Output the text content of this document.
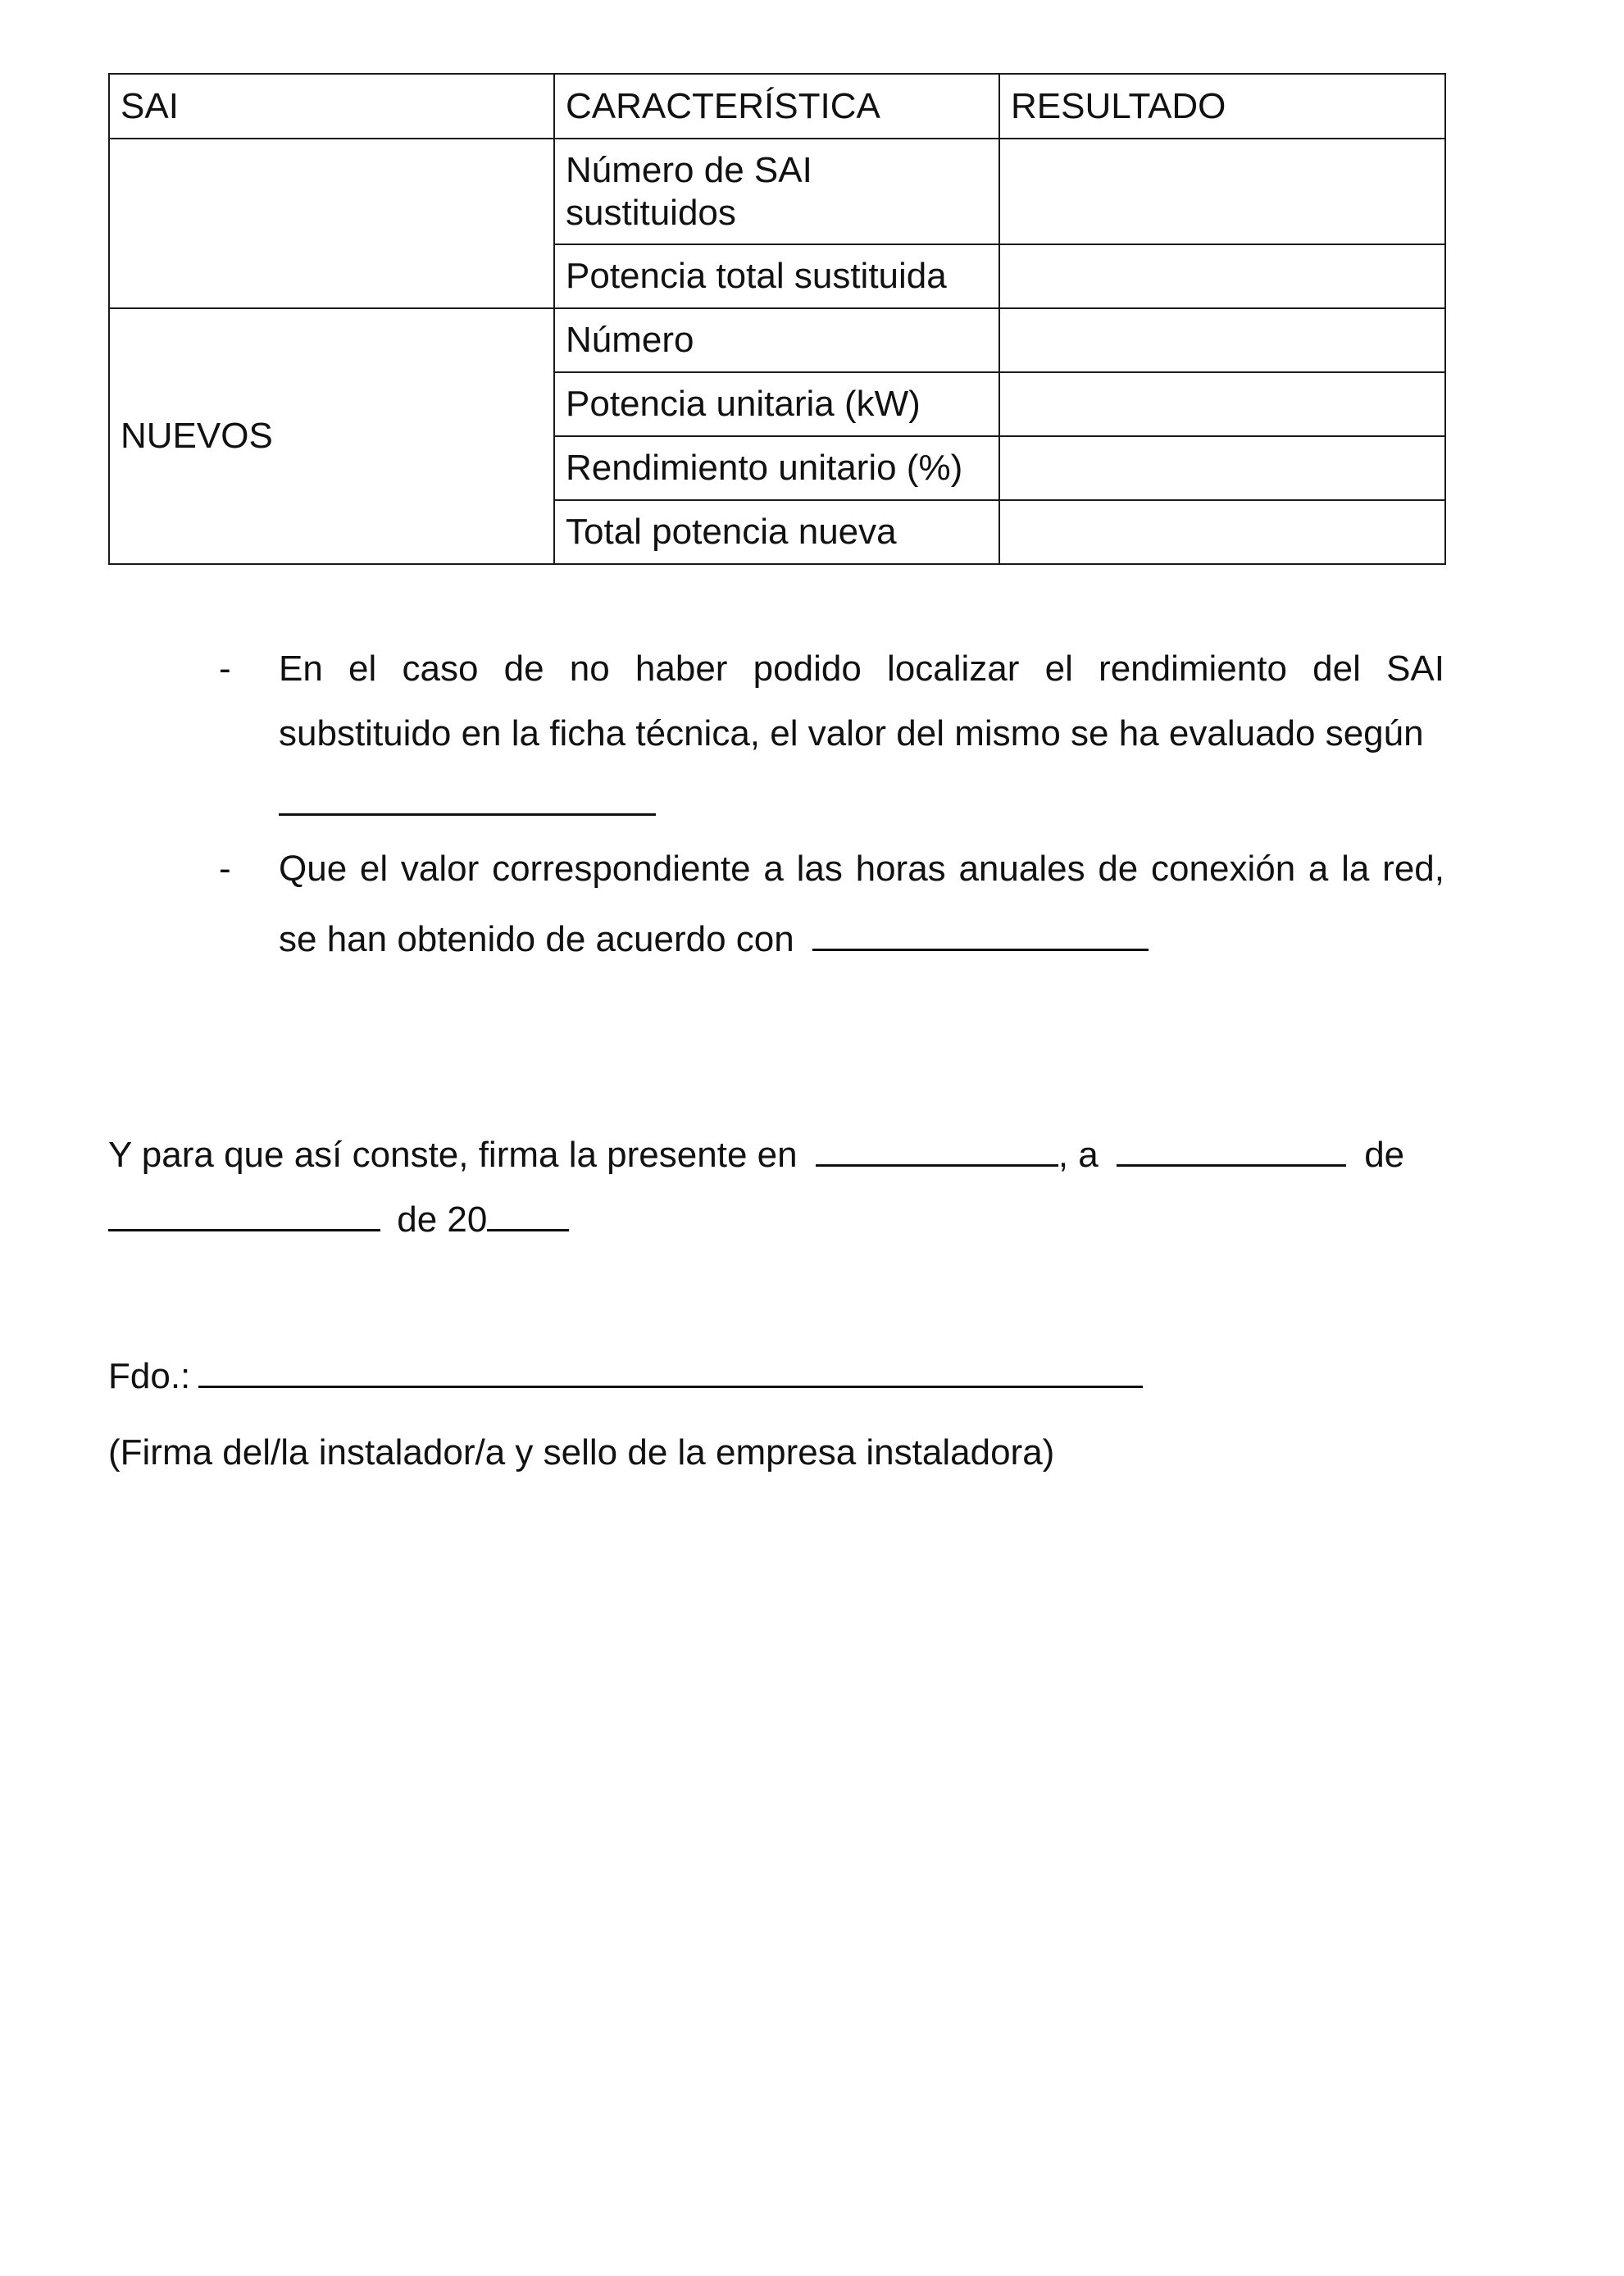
SAI	CARACTERÍSTICA	RESULTADO
	Número de SAI sustituidos	
	Potencia total sustituida	
NUEVOS	Número	
	Potencia unitaria (kW)	
	Rendimiento unitario (%)	
	Total potencia nueva	
- En el caso de no haber podido localizar el rendimiento del SAI substituido en la ficha técnica, el valor del mismo se ha evaluado según

- Que el valor correspondiente a las horas anuales de conexión a la red, se han obtenido de acuerdo con
Y para que así conste, firma la presente en	, a	de
de 20
Fdo.:
(Firma del/la instalador/a y sello de la empresa instaladora)
